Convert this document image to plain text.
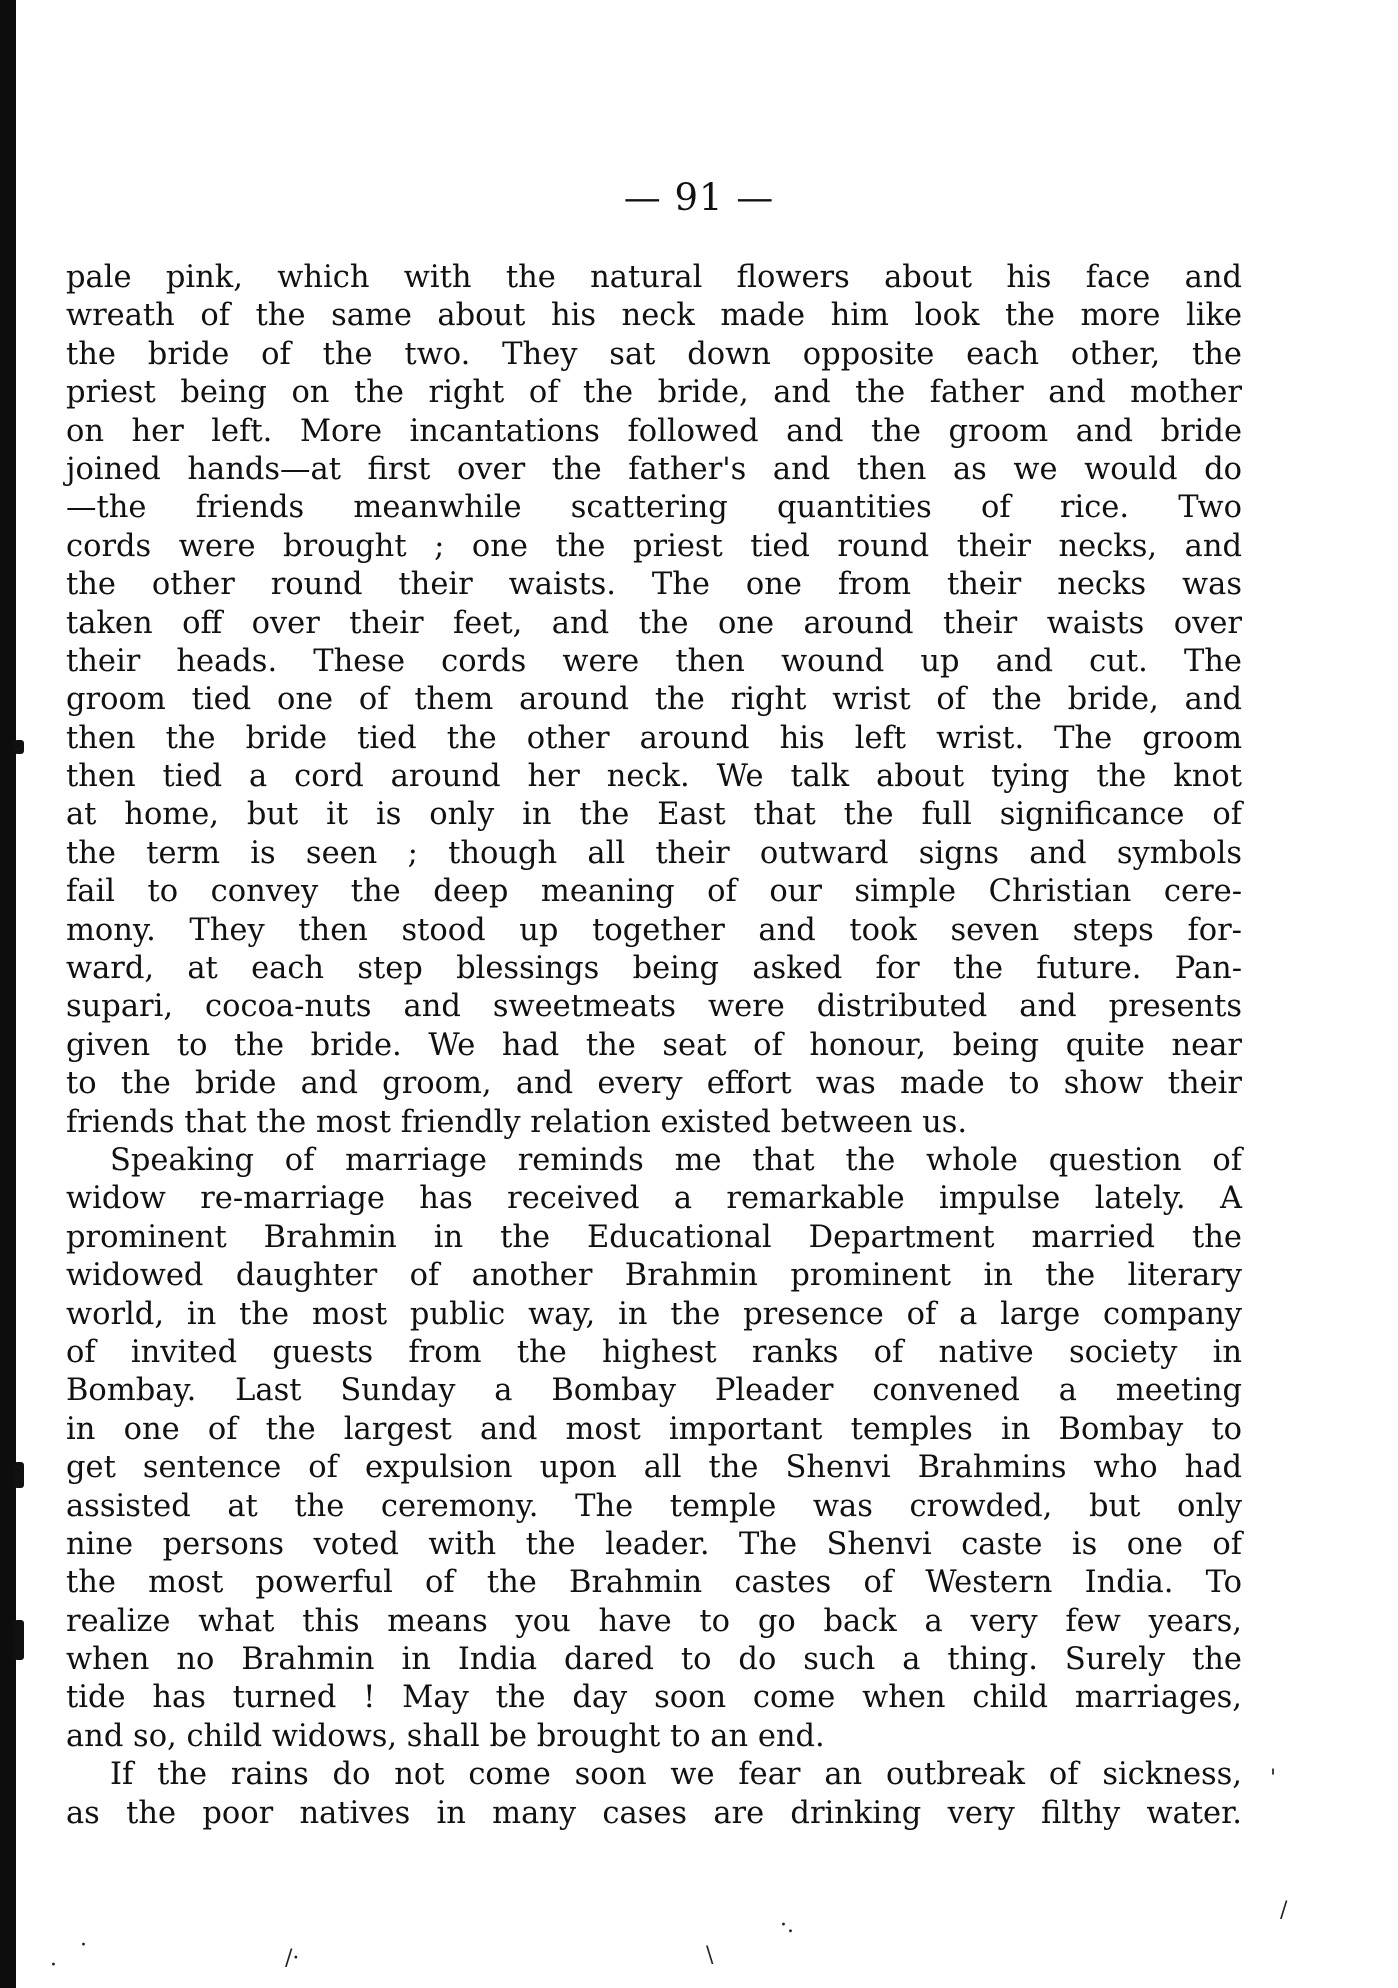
— 91 —
pale pink, which with the natural flowers about his face and
wreath of the same about his neck made him look the more like
the bride of the two. They sat down opposite each other, the
priest being on the right of the bride, and the father and mother
on her left. More incantations followed and the groom and bride
joined hands—at first over the father's and then as we would do
—the friends meanwhile scattering quantities of rice. Two
cords were brought ; one the priest tied round their necks, and
the other round their waists. The one from their necks was
taken off over their feet, and the one around their waists over
their heads. These cords were then wound up and cut. The
groom tied one of them around the right wrist of the bride, and
then the bride tied the other around his left wrist. The groom
then tied a cord around her neck. We talk about tying the knot
at home, but it is only in the East that the full significance of
the term is seen ; though all their outward signs and symbols
fail to convey the deep meaning of our simple Christian cere-
mony. They then stood up together and took seven steps for-
ward, at each step blessings being asked for the future. Pan-
supari, cocoa-nuts and sweetmeats were distributed and presents
given to the bride. We had the seat of honour, being quite near
to the bride and groom, and every effort was made to show their
friends that the most friendly relation existed between us.
Speaking of marriage reminds me that the whole question of
widow re-marriage has received a remarkable impulse lately. A
prominent Brahmin in the Educational Department married the
widowed daughter of another Brahmin prominent in the literary
world, in the most public way, in the presence of a large company
of invited guests from the highest ranks of native society in
Bombay. Last Sunday a Bombay Pleader convened a meeting
in one of the largest and most important temples in Bombay to
get sentence of expulsion upon all the Shenvi Brahmins who had
assisted at the ceremony. The temple was crowded, but only
nine persons voted with the leader. The Shenvi caste is one of
the most powerful of the Brahmin castes of Western India. To
realize what this means you have to go back a very few years,
when no Brahmin in India dared to do such a thing. Surely the
tide has turned ! May the day soon come when child marriages,
and so, child widows, shall be brought to an end.
If the rains do not come soon we fear an outbreak of sickness,
as the poor natives in many cases are drinking very filthy water.
'
/
·.
\
/·
·
·
